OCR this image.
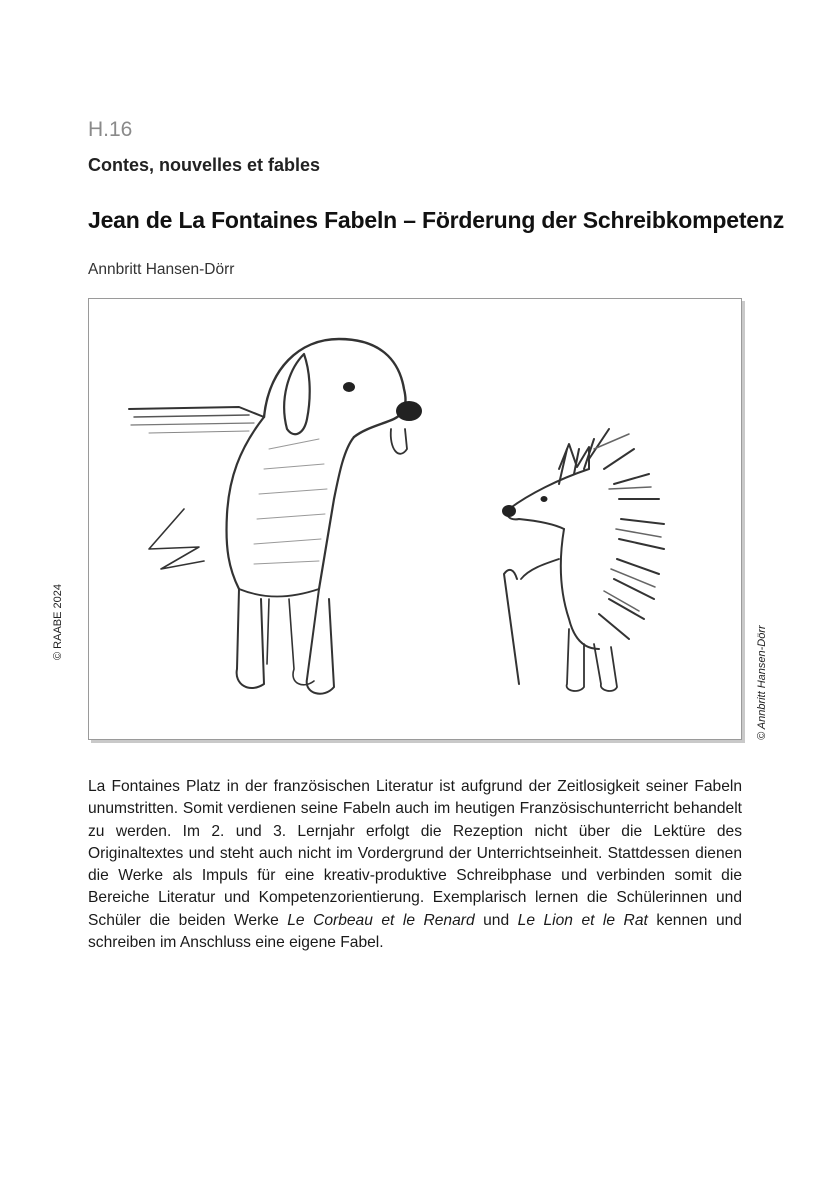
H.16
Contes, nouvelles et fables
Jean de La Fontaines Fabeln – Förderung der Schreibkompetenz
Annbritt Hansen-Dörr
© RAABE 2024
© Annbritt Hansen-Dörr
La Fontaines Platz in der französischen Literatur ist aufgrund der Zeitlosigkeit seiner Fabeln unumstritten. Somit verdienen seine Fabeln auch im heutigen Französischunterricht behandelt zu werden. Im 2. und 3. Lernjahr erfolgt die Rezeption nicht über die Lektüre des Originaltextes und steht auch nicht im Vordergrund der Unterrichtseinheit. Stattdessen dienen die Werke als Impuls für eine kreativ-produktive Schreibphase und verbinden somit die Bereiche Literatur und Kompetenzorientierung. Exemplarisch lernen die Schülerinnen und Schüler die beiden Werke Le Corbeau et le Renard und Le Lion et le Rat kennen und schreiben im Anschluss eine eigene Fabel.
